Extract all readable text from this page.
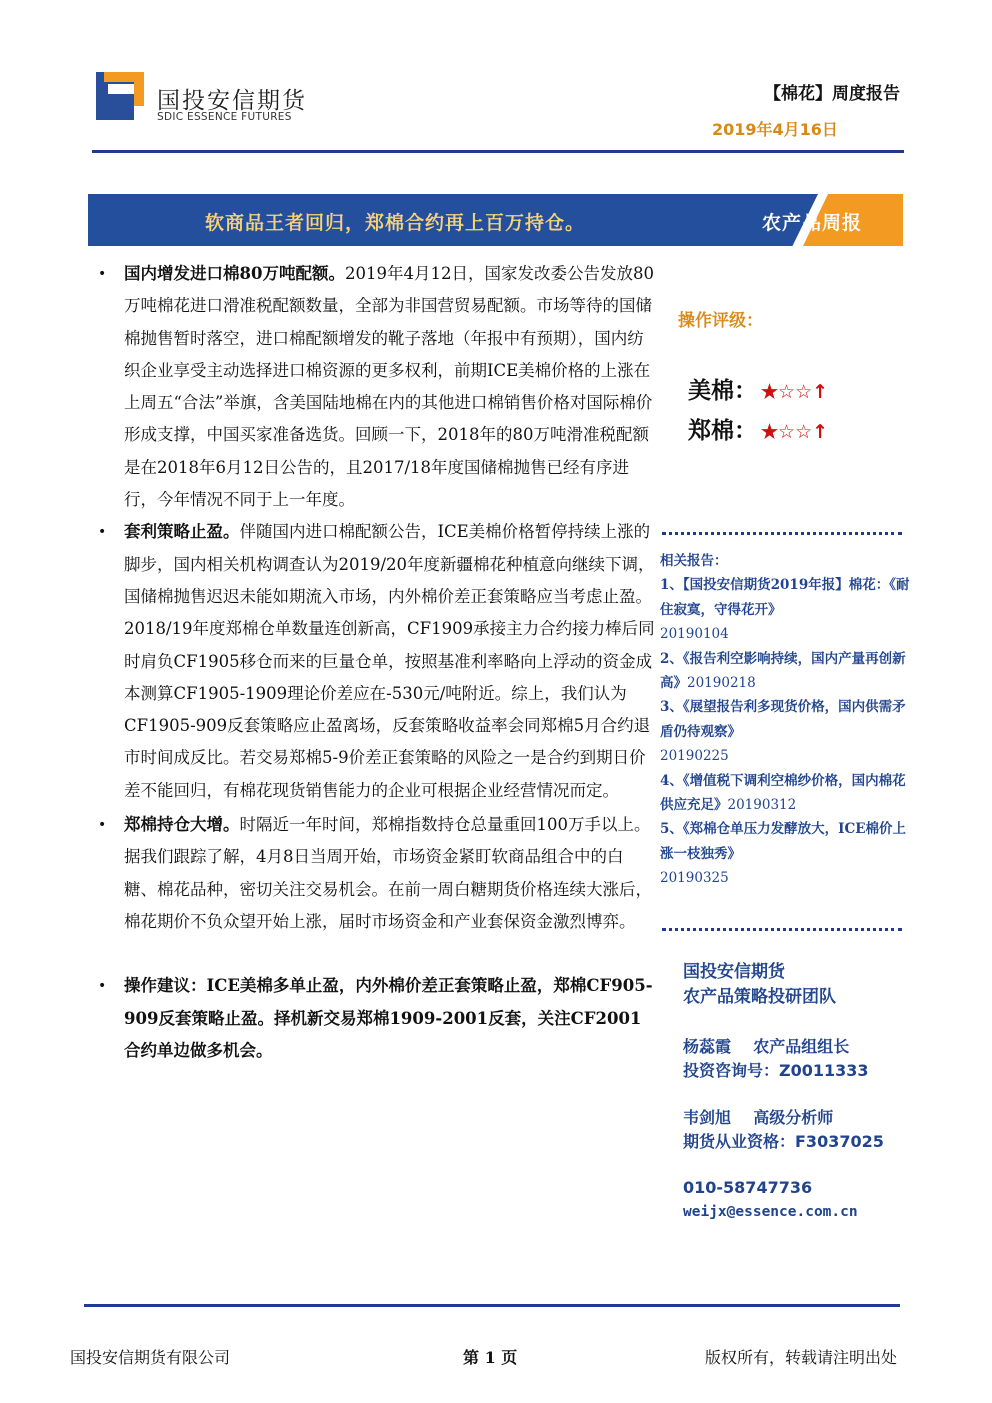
国投安信期货
SDIC ESSENCE FUTURES
【棉花】周度报告
2019年4月16日
软商品王者回归，郑棉合约再上百万持仓。	农产品周报

• 国内增发进口棉80万吨配额。2019年4月12日，国家发改委公告发放80万吨棉花进口滑准税配额数量，全部为非国营贸易配额。市场等待的国储棉抛售暂时落空，进口棉配额增发的靴子落地（年报中有预期），国内纺织企业享受主动选择进口棉资源的更多权利，前期ICE美棉价格的上涨在上周五“合法”举旗，含美国陆地棉在内的其他进口棉销售价格对国际棉价形成支撑，中国买家准备选货。回顾一下，2018年的80万吨滑准税配额是在2018年6月12日公告的，且2017/18年度国储棉抛售已经有序进行，今年情况不同于上一年度。

• 套利策略止盈。伴随国内进口棉配额公告，ICE美棉价格暂停持续上涨的脚步，国内相关机构调查认为2019/20年度新疆棉花种植意向继续下调，国储棉抛售迟迟未能如期流入市场，内外棉价差正套策略应当考虑止盈。2018/19年度郑棉仓单数量连创新高，CF1909承接主力合约接力棒后同时肩负CF1905移仓而来的巨量仓单，按照基准利率略向上浮动的资金成本测算CF1905-1909理论价差应在-530元/吨附近。综上，我们认为CF1905-909反套策略应止盈离场，反套策略收益率会同郑棉5月合约退市时间成反比。若交易郑棉5-9价差正套策略的风险之一是合约到期日价差不能回归，有棉花现货销售能力的企业可根据企业经营情况而定。

• 郑棉持仓大增。时隔近一年时间，郑棉指数持仓总量重回100万手以上。据我们跟踪了解，4月8日当周开始，市场资金紧盯软商品组合中的白糖、棉花品种，密切关注交易机会。在前一周白糖期货价格连续大涨后，棉花期价不负众望开始上涨，届时市场资金和产业套保资金激烈博弈。

• 操作建议：ICE美棉多单止盈，内外棉价差正套策略止盈，郑棉CF905-909反套策略止盈。择机新交易郑棉1909-2001反套，关注CF2001合约单边做多机会。

操作评级：
美棉： ★☆☆↑
郑棉： ★☆☆↑
相关报告：
1、【国投安信期货2019年报】棉花：《耐住寂寞，守得花开》
20190104
2、《报告利空影响持续，国内产量再创新高》20190218
3、《展望报告利多现货价格，国内供需矛盾仍待观察》
20190225
4、《增值税下调利空棉纱价格，国内棉花供应充足》20190312
5、《郑棉仓单压力发酵放大，ICE棉价上涨一枝独秀》
20190325
国投安信期货
农产品策略投研团队
杨蕊霞    农产品组组长
投资咨询号：Z0011333
韦剑旭    高级分析师
期货从业资格：F3037025
010-58747736
weijx@essence.com.cn
国投安信期货有限公司	第 1 页	版权所有，转载请注明出处
